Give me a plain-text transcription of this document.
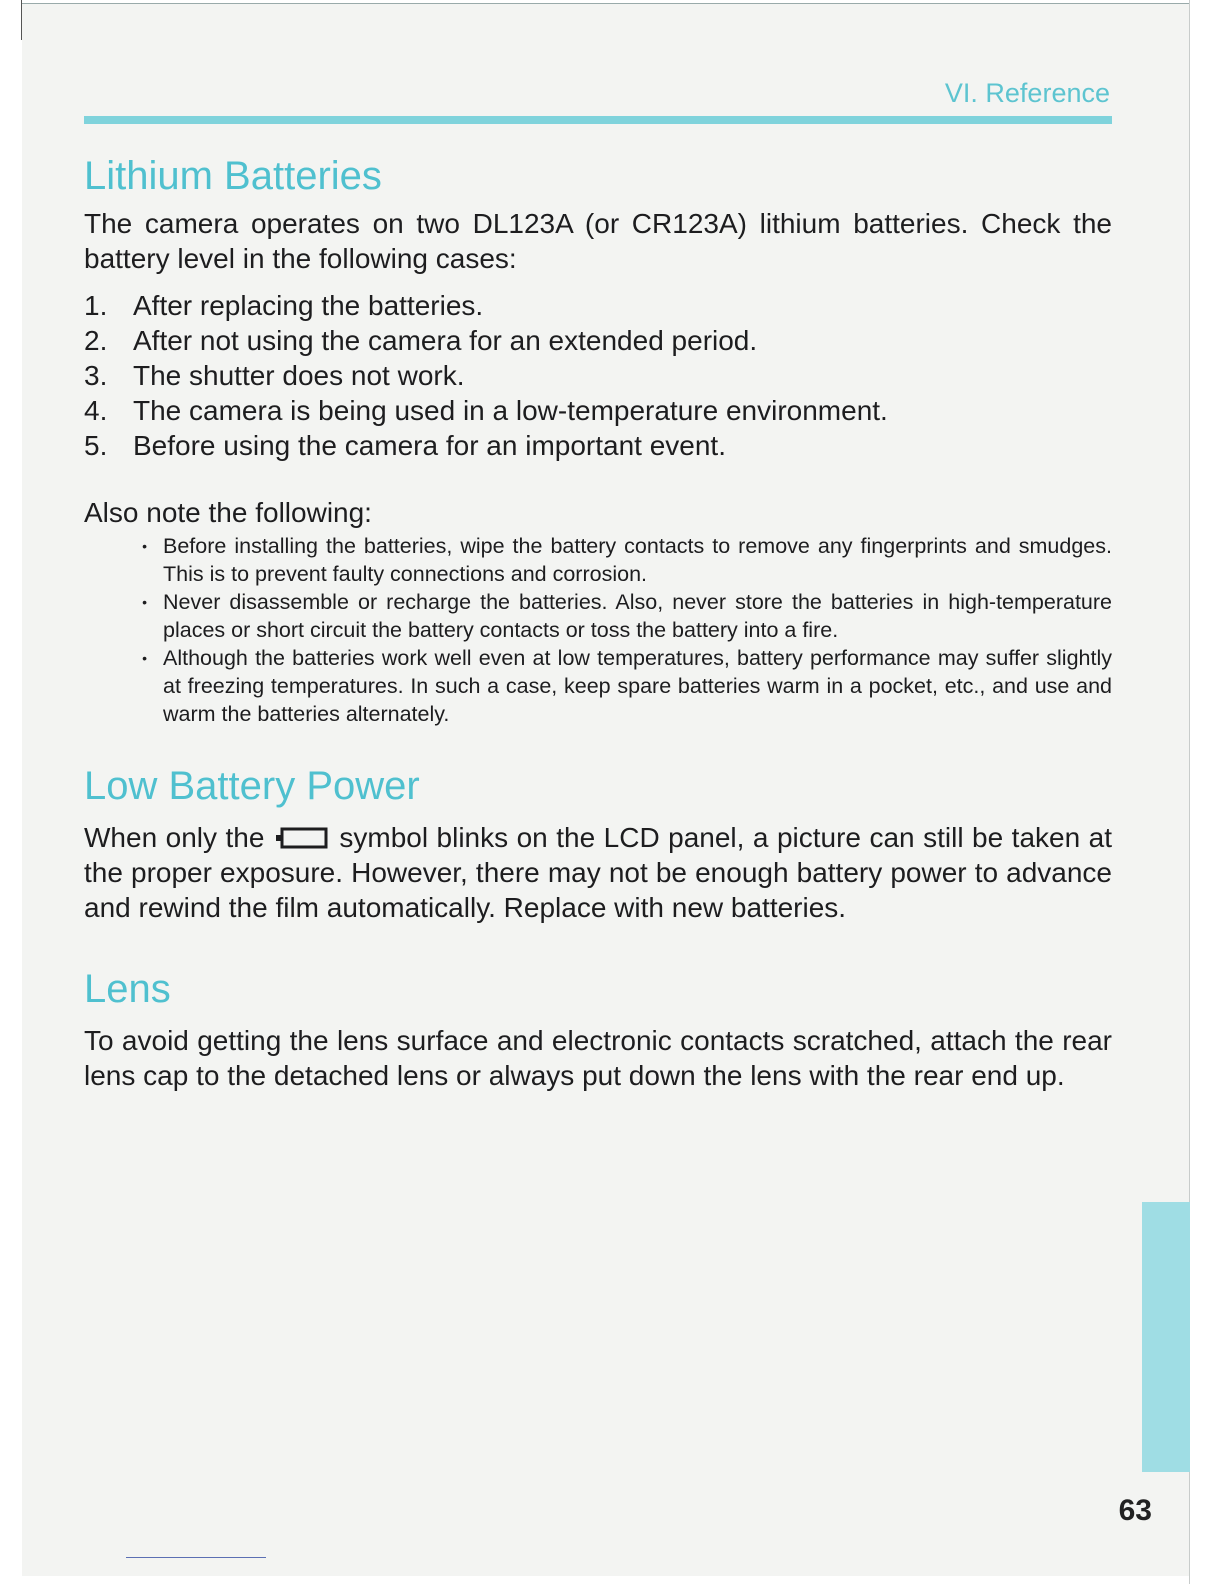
VI. Reference
Lithium Batteries

The camera operates on two DL123A (or CR123A) lithium batteries. Check the battery level in the following cases:

1. After replacing the batteries.
2. After not using the camera for an extended period.
3. The shutter does not work.
4. The camera is being used in a low-temperature environment.
5. Before using the camera for an important event.

Also note the following:

• Before installing the batteries, wipe the battery contacts to remove any fingerprints and smudges. This is to prevent faulty connections and corrosion.
• Never disassemble or recharge the batteries. Also, never store the batteries in high-temperature places or short circuit the battery contacts or toss the battery into a fire.
• Although the batteries work well even at low temperatures, battery performance may suffer slightly at freezing temperatures. In such a case, keep spare batteries warm in a pocket, etc., and use and warm the batteries alternately.
Low Battery Power

When only the	symbol blinks on the LCD panel, a picture can still be taken at the proper exposure. However, there may not be enough battery power to advance and rewind the film automatically. Replace with new batteries.

Lens

To avoid getting the lens surface and electronic contacts scratched, attach the rear lens cap to the detached lens or always put down the lens with the rear end up.

63
